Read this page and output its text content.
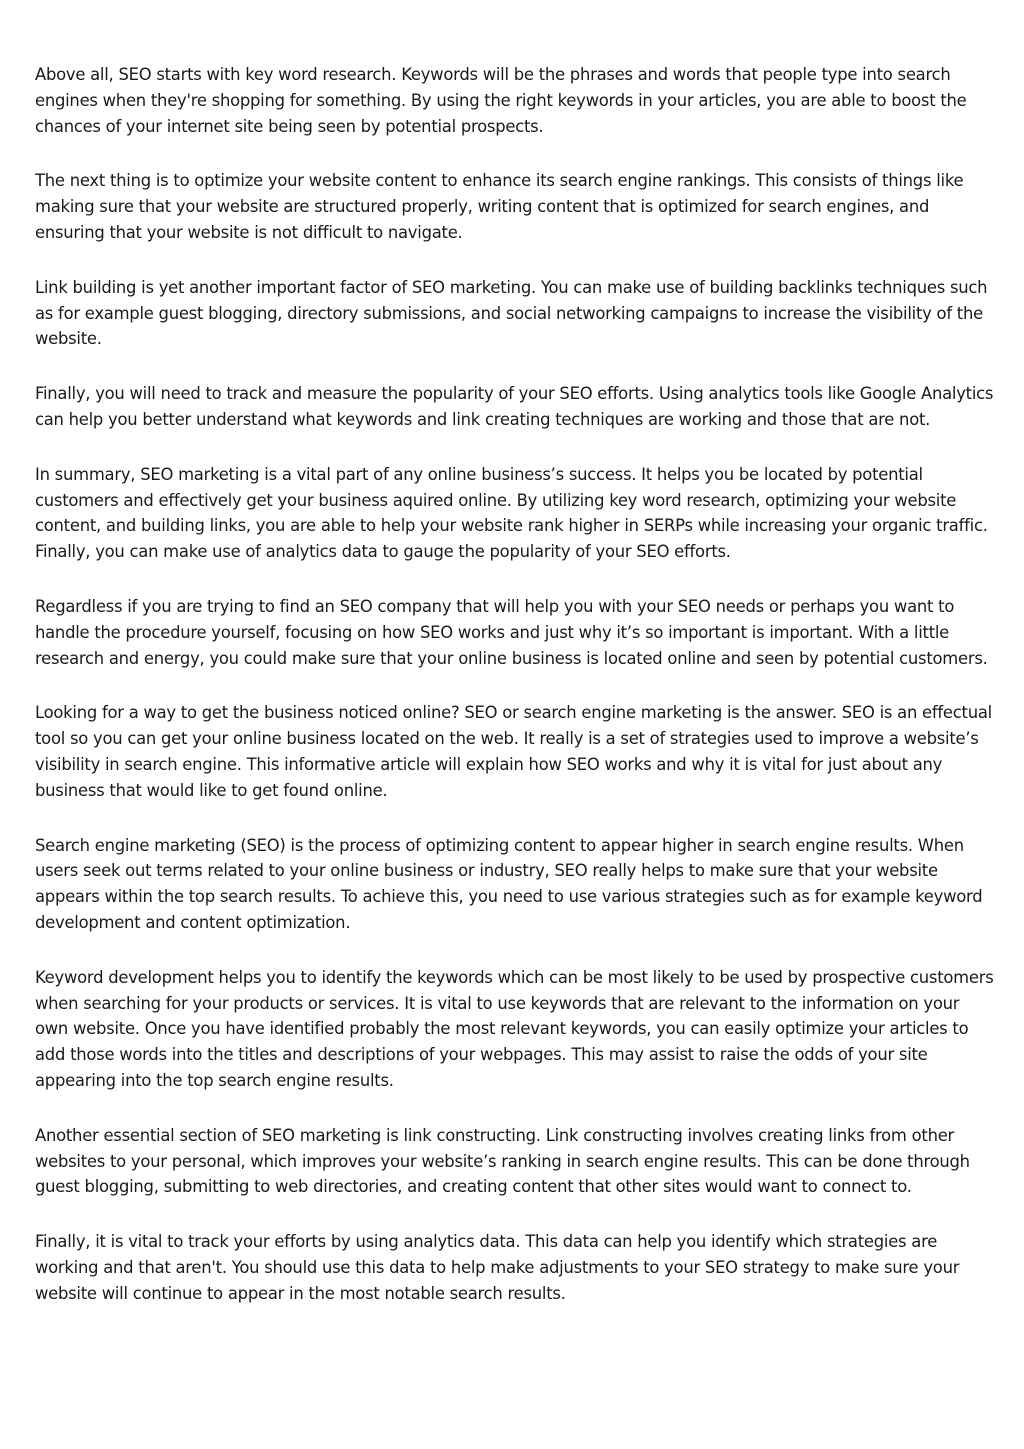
Above all, SEO starts with key word research. Keywords will be the phrases and words that people type into search engines when they're shopping for something. By using the right keywords in your articles, you are able to boost the chances of your internet site being seen by potential prospects.

The next thing is to optimize your website content to enhance its search engine rankings. This consists of things like making sure that your website are structured properly, writing content that is optimized for search engines, and ensuring that your website is not difficult to navigate.

Link building is yet another important factor of SEO marketing. You can make use of building backlinks techniques such as for example guest blogging, directory submissions, and social networking campaigns to increase the visibility of the website.

Finally, you will need to track and measure the popularity of your SEO efforts. Using analytics tools like Google Analytics can help you better understand what keywords and link creating techniques are working and those that are not.

In summary, SEO marketing is a vital part of any online business’s success. It helps you be located by potential customers and effectively get your business aquired online. By utilizing key word research, optimizing your website content, and building links, you are able to help your website rank higher in SERPs while increasing your organic traffic. Finally, you can make use of analytics data to gauge the popularity of your SEO efforts.

Regardless if you are trying to find an SEO company that will help you with your SEO needs or perhaps you want to handle the procedure yourself, focusing on how SEO works and just why it’s so important is important. With a little research and energy, you could make sure that your online business is located online and seen by potential customers.

Looking for a way to get the business noticed online? SEO or search engine marketing is the answer. SEO is an effectual tool so you can get your online business located on the web. It really is a set of strategies used to improve a website’s visibility in search engine. This informative article will explain how SEO works and why it is vital for just about any business that would like to get found online.

Search engine marketing (SEO) is the process of optimizing content to appear higher in search engine results. When users seek out terms related to your online business or industry, SEO really helps to make sure that your website appears within the top search results. To achieve this, you need to use various strategies such as for example keyword development and content optimization.

Keyword development helps you to identify the keywords which can be most likely to be used by prospective customers when searching for your products or services. It is vital to use keywords that are relevant to the information on your own website. Once you have identified probably the most relevant keywords, you can easily optimize your articles to add those words into the titles and descriptions of your webpages. This may assist to raise the odds of your site appearing into the top search engine results.

Another essential section of SEO marketing is link constructing. Link constructing involves creating links from other websites to your personal, which improves your website’s ranking in search engine results. This can be done through guest blogging, submitting to web directories, and creating content that other sites would want to connect to.

Finally, it is vital to track your efforts by using analytics data. This data can help you identify which strategies are working and that aren't. You should use this data to help make adjustments to your SEO strategy to make sure your website will continue to appear in the most notable search results.
